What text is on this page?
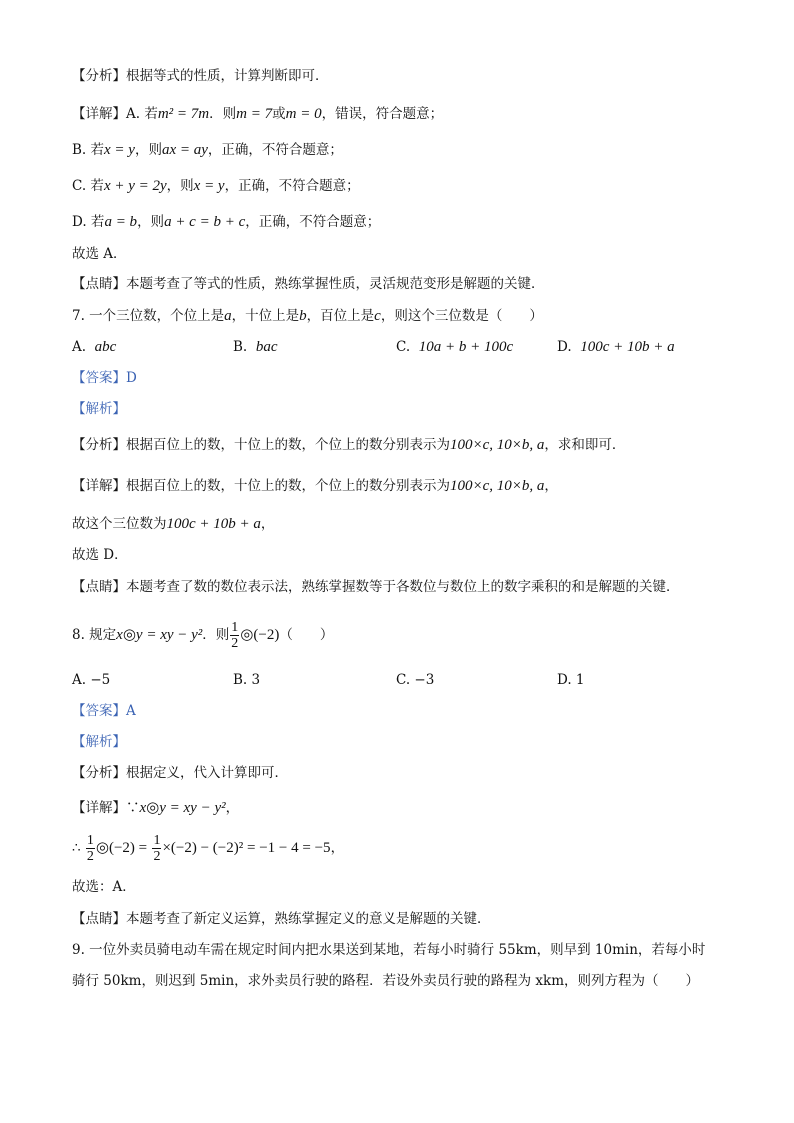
【分析】根据等式的性质，计算判断即可．
【详解】A. 若m² = 7m．则m = 7或m = 0，错误，符合题意；
B. 若x = y，则ax = ay，正确，不符合题意；
C. 若x + y = 2y，则x = y，正确，不符合题意；
D. 若a = b，则a + c = b + c，正确，不符合题意；
故选 A．
【点睛】本题考查了等式的性质，熟练掌握性质，灵活规范变形是解题的关键．
7. 一个三位数，个位上是a，十位上是b，百位上是c，则这个三位数是（　　）
A. abc	B. bac	C. 10a + b + 100c	D. 100c + 10b + a
【答案】D
【解析】
【分析】根据百位上的数，十位上的数，个位上的数分别表示为100×c, 10×b, a，求和即可．
【详解】根据百位上的数，十位上的数，个位上的数分别表示为100×c, 10×b, a，
故这个三位数为100c + 10b + a，
故选 D．
【点睛】本题考查了数的数位表示法，熟练掌握数等于各数位与数位上的数字乘积的和是解题的关键．
8. 规定x◎y = xy − y²．则 $\frac{1}{2}$ ◎(−2)（　　）
A. −5	B. 3	C. −3	D. 1
【答案】A
【解析】
【分析】根据定义，代入计算即可．
【详解】∵x◎y = xy − y²，
∴ $\frac{1}{2}$ ◎(−2) = $\frac{1}{2} \times(-2) - (-2)^2 = -1 - 4 = -5$，
故选：A．
【点睛】本题考查了新定义运算，熟练掌握定义的意义是解题的关键．
9. 一位外卖员骑电动车需在规定时间内把水果送到某地，若每小时骑行 55km，则早到 10min，若每小时
骑行 50km，则迟到 5min，求外卖员行驶的路程．若设外卖员行驶的路程为 xkm，则列方程为（　　）
